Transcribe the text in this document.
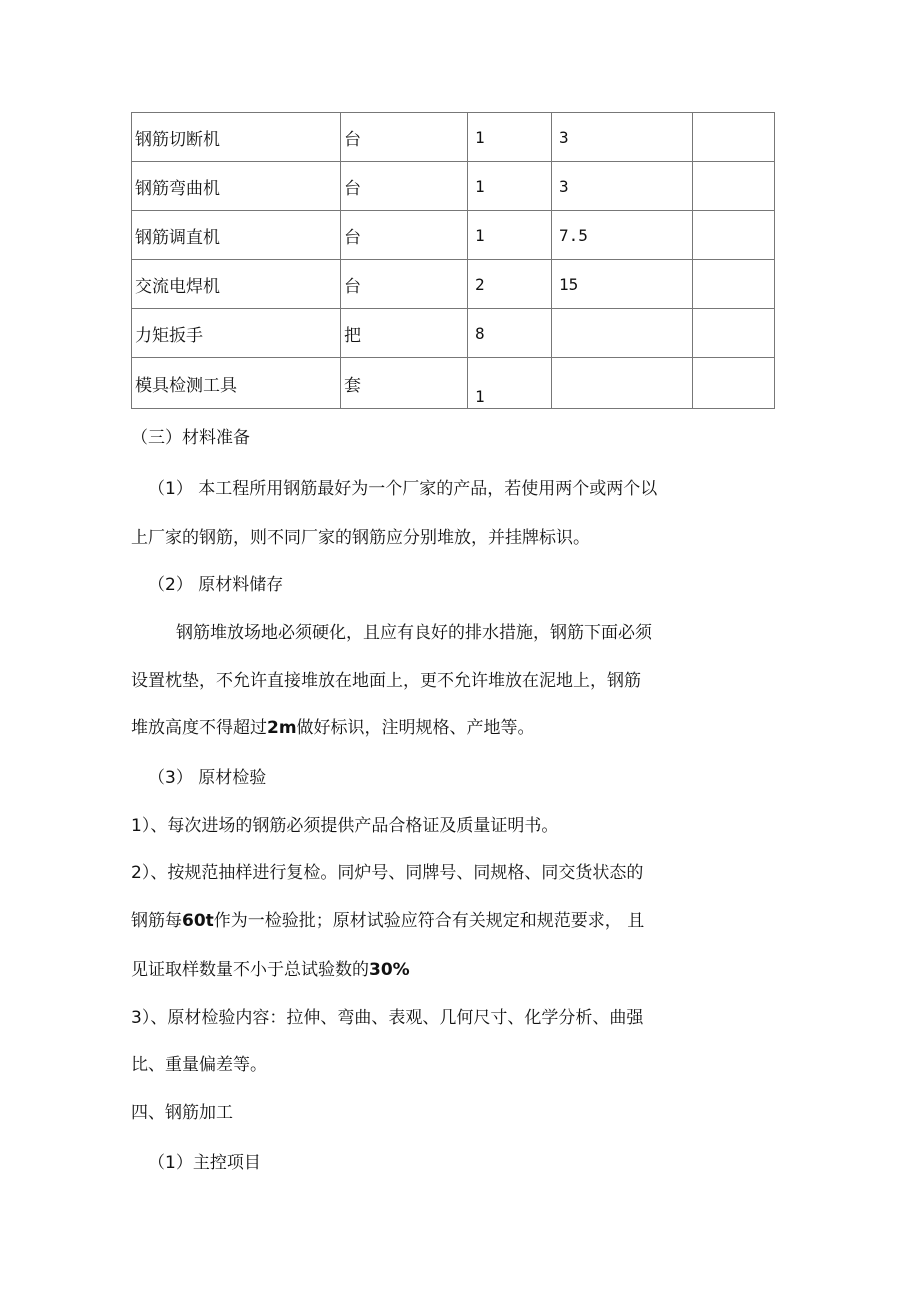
钢筋切断机	台	1	3	
钢筋弯曲机	台	1	3	
钢筋调直机	台	1	7.5	
交流电焊机	台	2	15	
力矩扳手	把	8		
模具检测工具	套	1		
（三）材料准备
（1） 本工程所用钢筋最好为一个厂家的产品，若使用两个或两个以
上厂家的钢筋，则不同厂家的钢筋应分别堆放，并挂牌标识。
（2） 原材料储存
钢筋堆放场地必须硬化，且应有良好的排水措施，钢筋下面必须
设置枕垫，不允许直接堆放在地面上，更不允许堆放在泥地上，钢筋
堆放高度不得超过2m做好标识，注明规格、产地等。
（3） 原材检验
1）、每次进场的钢筋必须提供产品合格证及质量证明书。
2）、按规范抽样进行复检。同炉号、同牌号、同规格、同交货状态的
钢筋每60t作为一检验批；原材试验应符合有关规定和规范要求， 且
见证取样数量不小于总试验数的30%
3）、原材检验内容：拉伸、弯曲、表观、几何尺寸、化学分析、曲强
比、重量偏差等。
四、钢筋加工
（1）主控项目
